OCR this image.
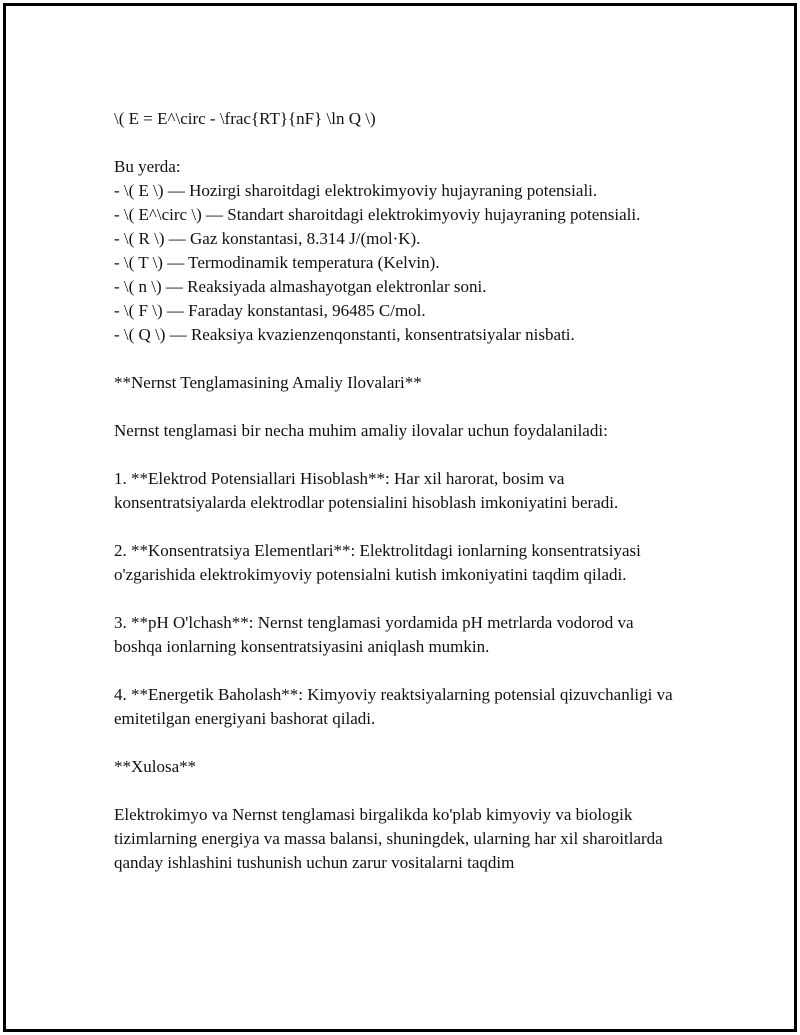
\( E = E^\circ - \frac{RT}{nF} \ln Q \)
Bu yerda:
- \( E \) — Hozirgi sharoitdagi elektrokimyoviy hujayraning potensiali.
- \( E^\circ \) — Standart sharoitdagi elektrokimyoviy hujayraning potensiali.
- \( R \) — Gaz konstantasi, 8.314 J/(mol·K).
- \( T \) — Termodinamik temperatura (Kelvin).
- \( n \) — Reaksiyada almashayotgan elektronlar soni.
- \( F \) — Faraday konstantasi, 96485 C/mol.
- \( Q \) — Reaksiya kvazienzenqonstanti, konsentratsiyalar nisbati.
**Nernst Tenglamasining Amaliy Ilovalari**
Nernst tenglamasi bir necha muhim amaliy ilovalar uchun foydalaniladi:
1. **Elektrod Potensiallari Hisoblash**: Har xil harorat, bosim va konsentratsiyalarda elektrodlar potensialini hisoblash imkoniyatini beradi.
2. **Konsentratsiya Elementlari**: Elektrolitdagi ionlarning konsentratsiyasi o'zgarishida elektrokimyoviy potensialni kutish imkoniyatini taqdim qiladi.
3. **pH O'lchash**: Nernst tenglamasi yordamida pH metrlarda vodorod va boshqa ionlarning konsentratsiyasini aniqlash mumkin.
4. **Energetik Baholash**: Kimyoviy reaktsiyalarning potensial qizuvchanligi va emitetilgan energiyani bashorat qiladi.
**Xulosa**
Elektrokimyo va Nernst tenglamasi birgalikda ko'plab kimyoviy va biologik tizimlarning energiya va massa balansi, shuningdek, ularning har xil sharoitlarda qanday ishlashini tushunish uchun zarur vositalarni taqdim
